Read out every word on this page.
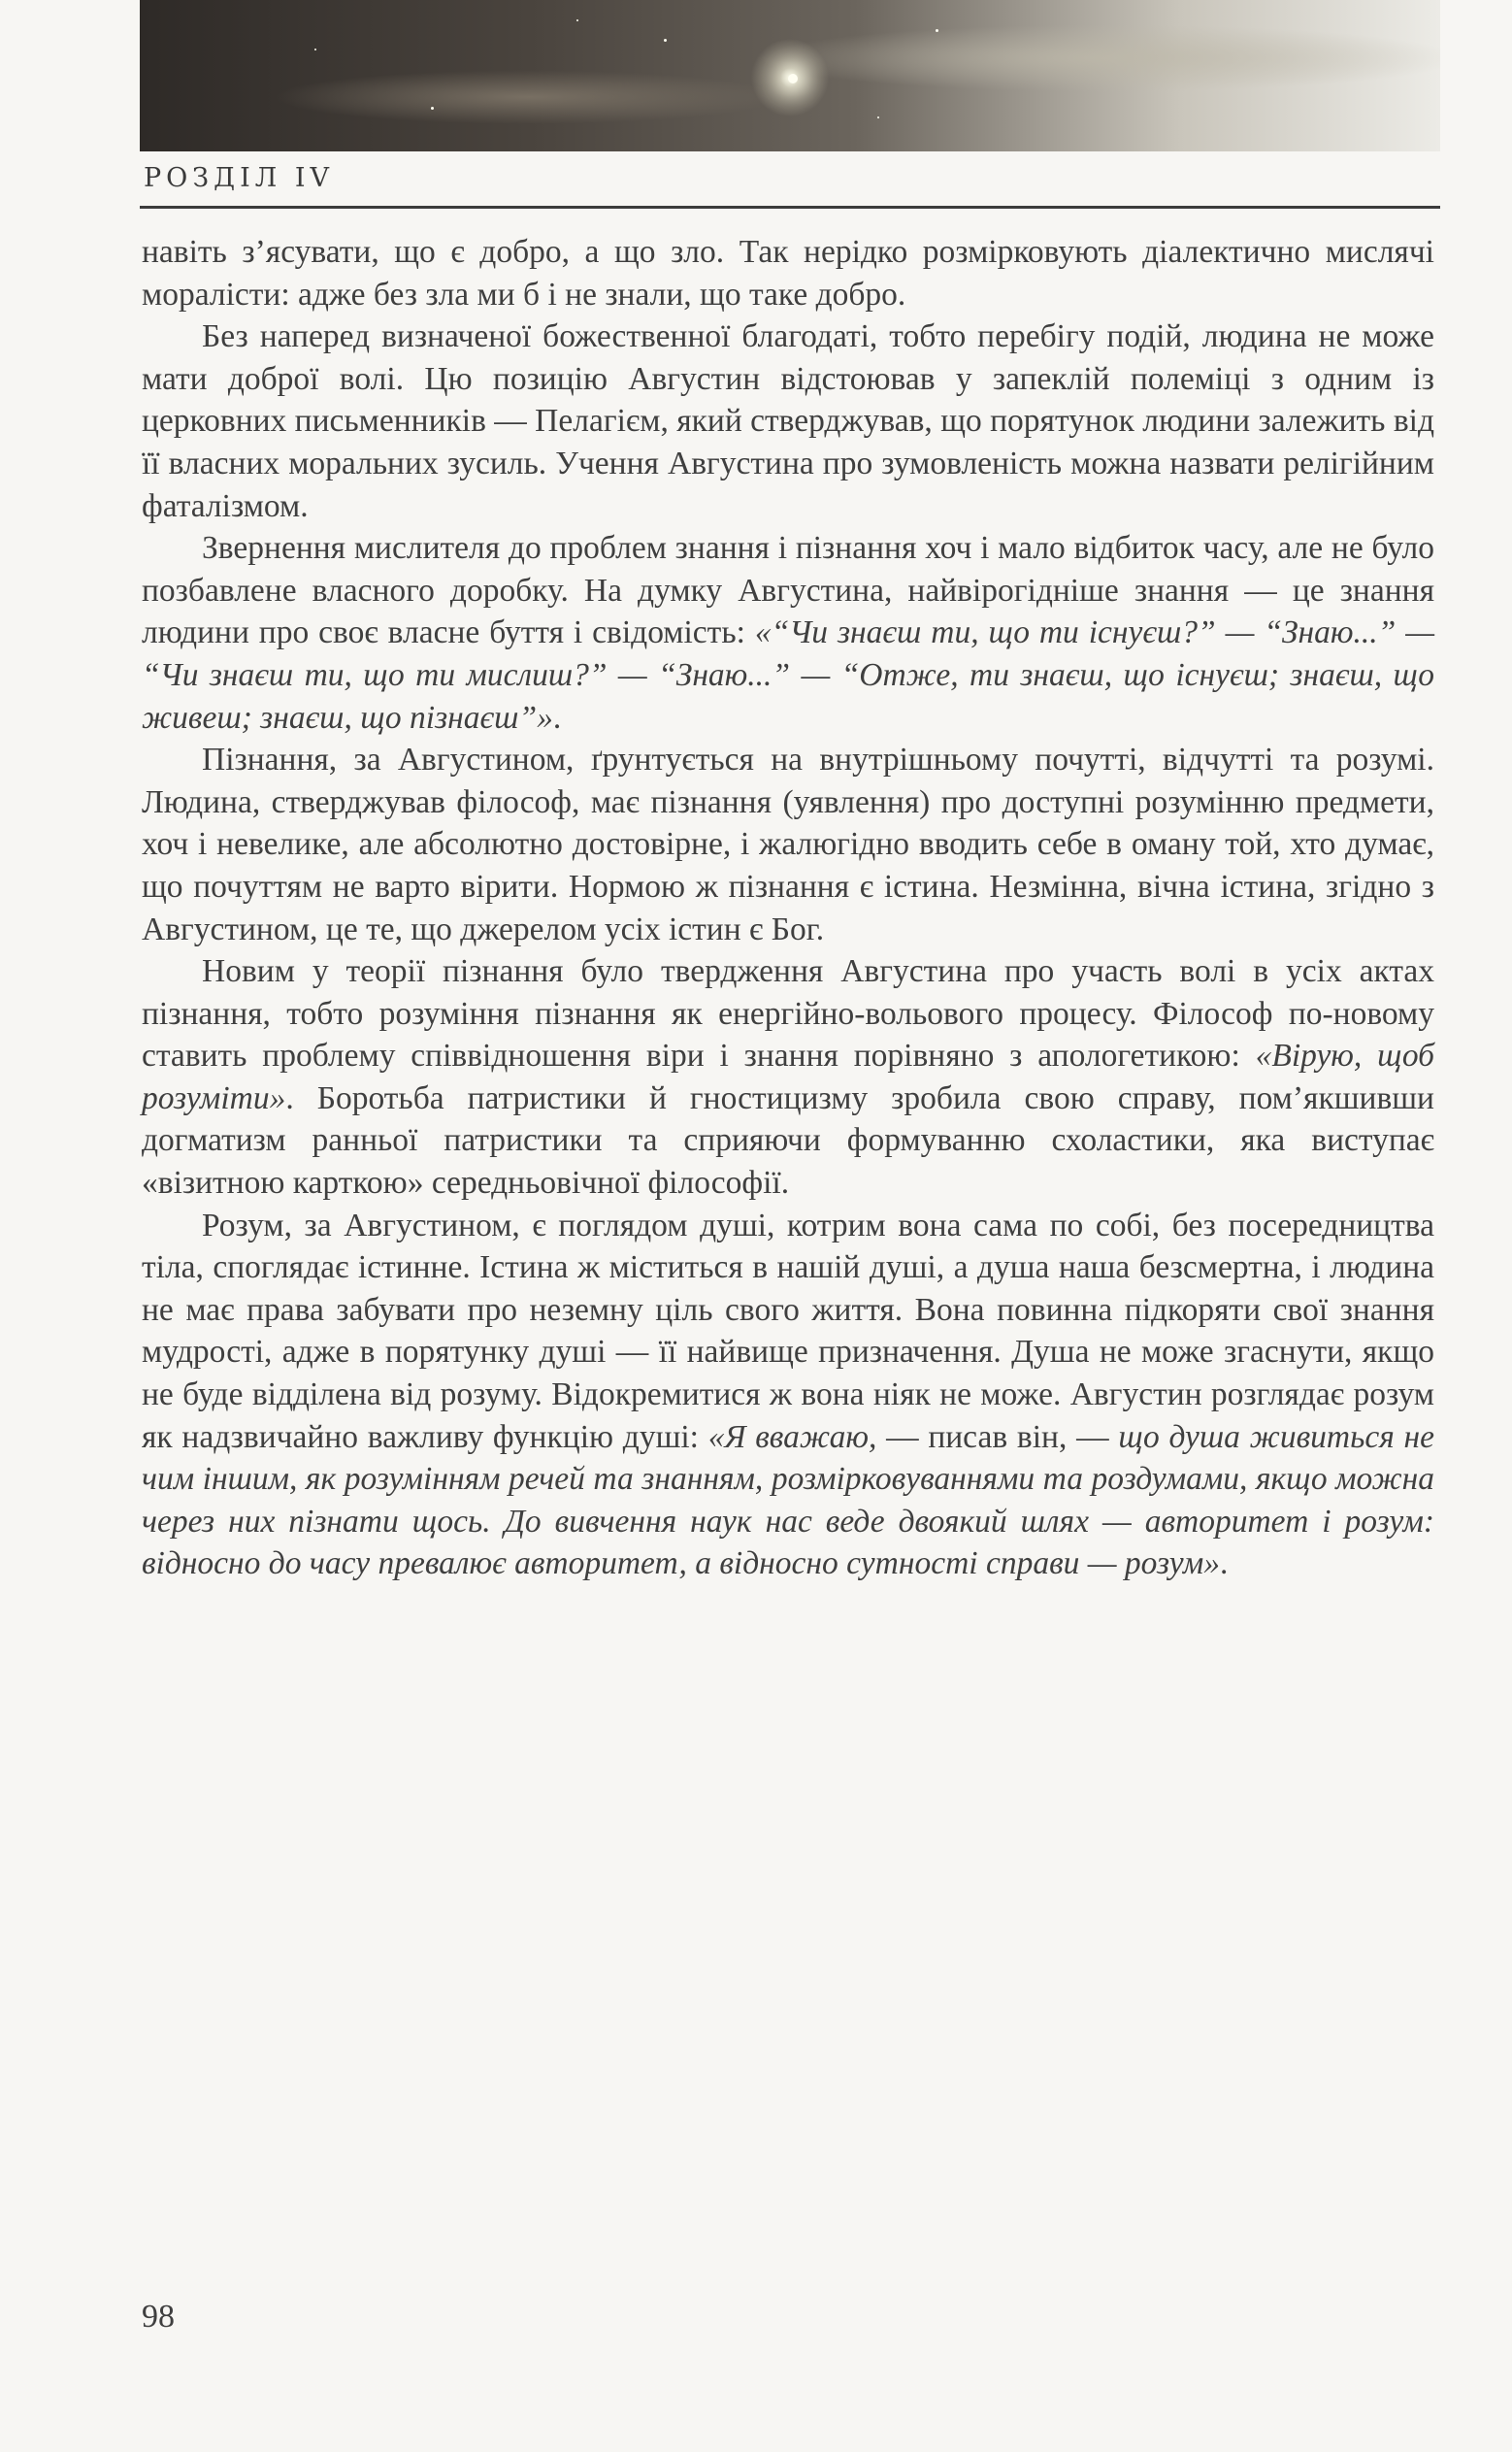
РОЗДІЛ IV

навіть з’ясувати, що є добро, а що зло. Так нерідко розмірковують діалектично мислячі моралісти: адже без зла ми б і не знали, що таке добро.

Без наперед визначеної божественної благодаті, тобто перебігу подій, людина не може мати доброї волі. Цю позицію Августин відстоював у запеклій полеміці з одним із церковних письменників — Пелагієм, який стверджував, що порятунок людини залежить від її власних моральних зусиль. Учення Августина про зумовленість можна назвати релігійним фаталізмом.

Звернення мислителя до проблем знання і пізнання хоч і мало відбиток часу, але не було позбавлене власного доробку. На думку Августина, найвірогідніше знання — це знання людини про своє власне буття і свідомість: «“Чи знаєш ти, що ти існуєш?” — “Знаю...” — “Чи знаєш ти, що ти мислиш?” — “Знаю...” — “Отже, ти знаєш, що існуєш; знаєш, що живеш; знаєш, що пізнаєш”».

Пізнання, за Августином, ґрунтується на внутрішньому почутті, відчутті та розумі. Людина, стверджував філософ, має пізнання (уявлення) про доступні розумінню предмети, хоч і невелике, але абсолютно достовірне, і жалюгідно вводить себе в оману той, хто думає, що почуттям не варто вірити. Нормою ж пізнання є істина. Незмінна, вічна істина, згідно з Августином, це те, що джерелом усіх істин є Бог.

Новим у теорії пізнання було твердження Августина про участь волі в усіх актах пізнання, тобто розуміння пізнання як енергійно-вольового процесу. Філософ по-новому ставить проблему співвідношення віри і знання порівняно з апологетикою: «Вірую, щоб розуміти». Боротьба патристики й гностицизму зробила свою справу, пом’якшивши догматизм ранньої патристики та сприяючи формуванню схоластики, яка виступає «візитною карткою» середньовічної філософії.

Розум, за Августином, є поглядом душі, котрим вона сама по собі, без посередництва тіла, споглядає істинне. Істина ж міститься в нашій душі, а душа наша безсмертна, і людина не має права забувати про неземну ціль свого життя. Вона повинна підкоряти свої знання мудрості, адже в порятунку душі — її найвище призначення. Душа не може згаснути, якщо не буде відділена від розуму. Відокремитися ж вона ніяк не може. Августин розглядає розум як надзвичайно важливу функцію душі: «Я вважаю, — писав він, — що душа живиться не чим іншим, як розумінням речей та знанням, розмірковуваннями та роздумами, якщо можна через них пізнати щось. До вивчення наук нас веде двоякий шлях — авторитет і розум: відносно до часу превалює авторитет, а відносно сутності справи — розум».

98
